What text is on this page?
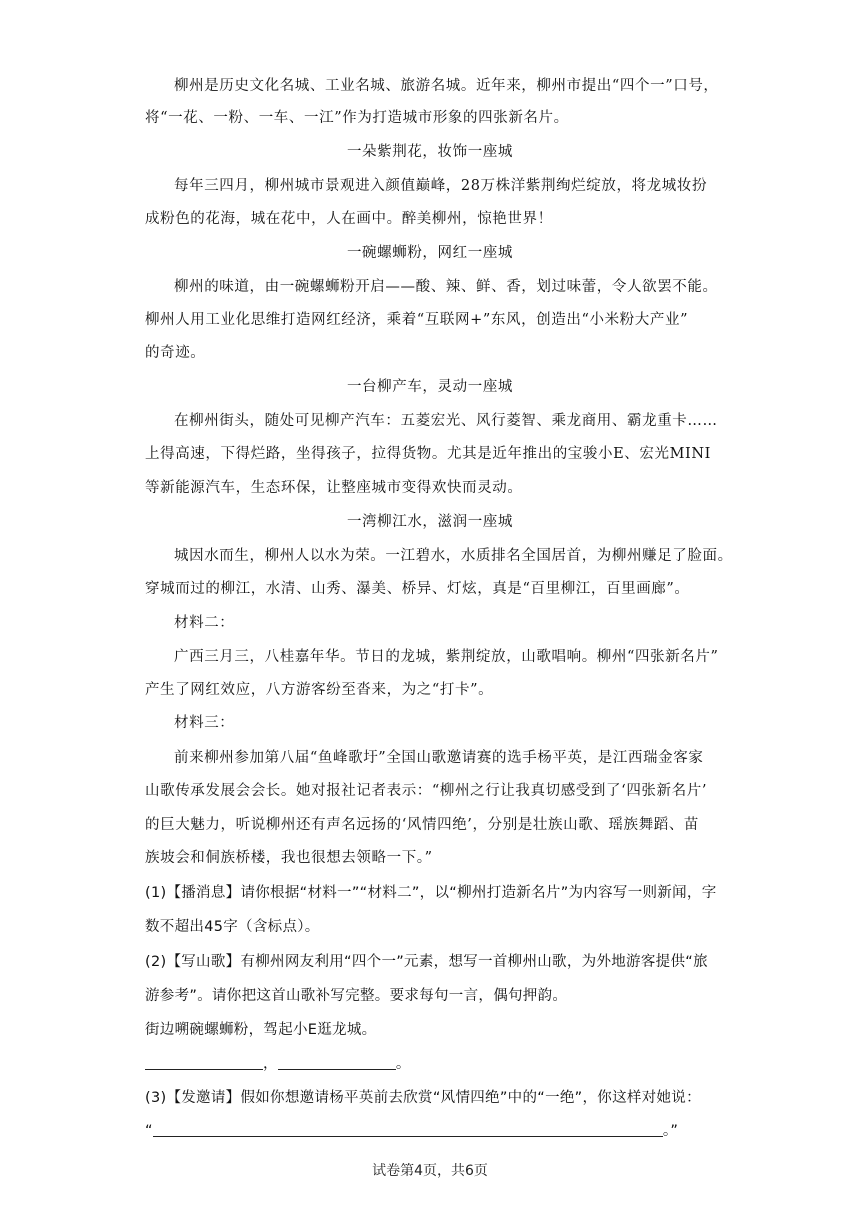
柳州是历史文化名城、工业名城、旅游名城。近年来，柳州市提出“四个一”口号，
将“一花、一粉、一车、一江”作为打造城市形象的四张新名片。
一朵紫荆花，妆饰一座城
每年三四月，柳州城市景观进入颜值巅峰，28万株洋紫荆绚烂绽放，将龙城妆扮
成粉色的花海，城在花中，人在画中。醉美柳州，惊艳世界！
一碗螺蛳粉，网红一座城
柳州的味道，由一碗螺蛳粉开启——酸、辣、鲜、香，划过味蕾，令人欲罢不能。
柳州人用工业化思维打造网红经济，乘着“互联网+”东风，创造出“小米粉大产业”
的奇迹。
一台柳产车，灵动一座城
在柳州街头，随处可见柳产汽车：五菱宏光、风行菱智、乘龙商用、霸龙重卡……
上得高速，下得烂路，坐得孩子，拉得货物。尤其是近年推出的宝骏小E、宏光MINI
等新能源汽车，生态环保，让整座城市变得欢快而灵动。
一湾柳江水，滋润一座城
城因水而生，柳州人以水为荣。一江碧水，水质排名全国居首，为柳州赚足了脸面。
穿城而过的柳江，水清、山秀、瀑美、桥异、灯炫，真是“百里柳江，百里画廊”。
材料二：
广西三月三，八桂嘉年华。节日的龙城，紫荆绽放，山歌唱响。柳州“四张新名片”
产生了网红效应，八方游客纷至沓来，为之“打卡”。
材料三：
前来柳州参加第八届“鱼峰歌圩”全国山歌邀请赛的选手杨平英，是江西瑞金客家
山歌传承发展会会长。她对报社记者表示：“柳州之行让我真切感受到了‘四张新名片’
的巨大魅力，听说柳州还有声名远扬的‘风情四绝’，分别是壮族山歌、瑶族舞蹈、苗
族坡会和侗族桥楼，我也很想去领略一下。”
(1)【播消息】请你根据“材料一”“材料二”，以“柳州打造新名片”为内容写一则新闻，字
数不超出45字（含标点）。
(2)【写山歌】有柳州网友利用“四个一”元素，想写一首柳州山歌，为外地游客提供“旅
游参考”。请你把这首山歌补写完整。要求每句一言，偶句押韵。
街边嗍碗螺蛳粉，驾起小E逛龙城。
，	。
(3)【发邀请】假如你想邀请杨平英前去欣赏“风情四绝”中的“一绝”，你这样对她说：
“	。”
试卷第4页，共6页
